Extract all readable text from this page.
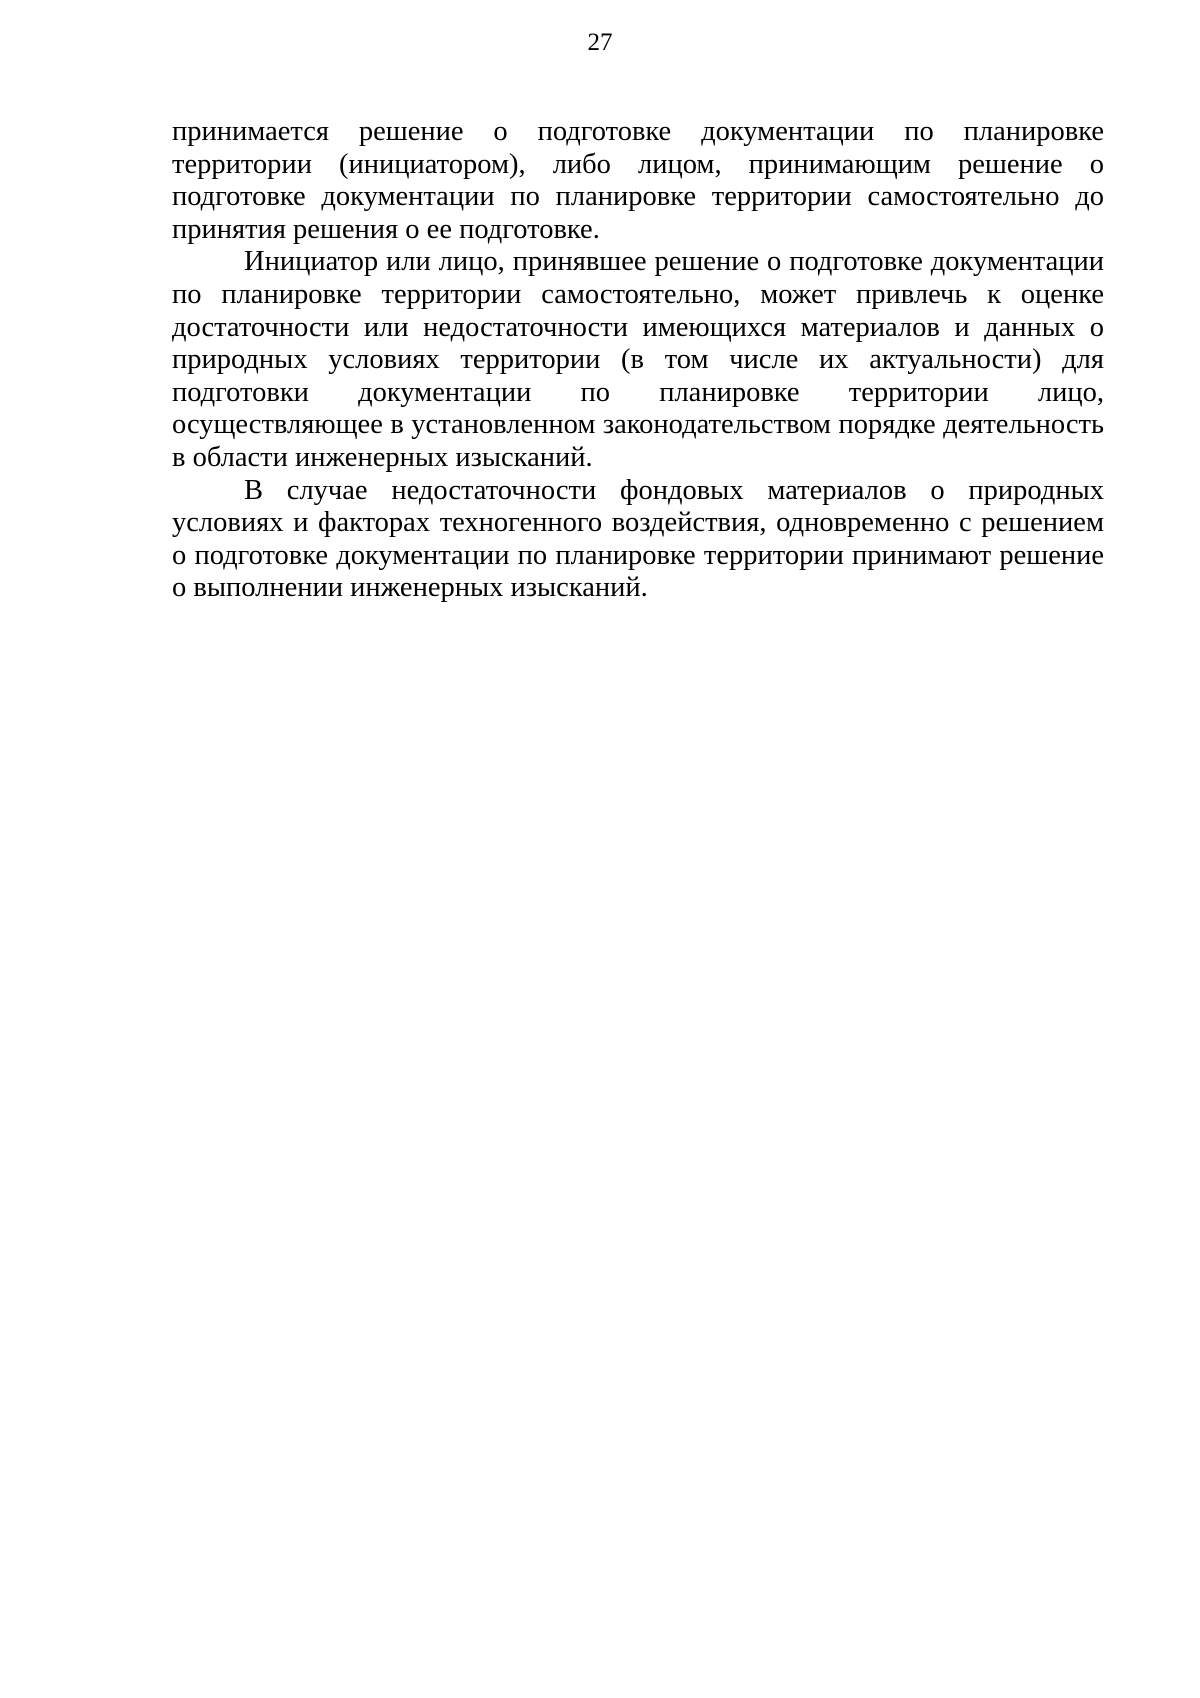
27

принимается решение о подготовке документации по планировке территории (инициатором), либо лицом, принимающим решение о подготовке документации по планировке территории самостоятельно до принятия решения о ее подготовке.

Инициатор или лицо, принявшее решение о подготовке документации по планировке территории самостоятельно, может привлечь к оценке достаточности или недостаточности имеющихся материалов и данных о природных условиях территории (в том числе их актуальности) для подготовки документации по планировке территории лицо, осуществляющее в установленном законодательством порядке деятельность в области инженерных изысканий.

В случае недостаточности фондовых материалов о природных условиях и факторах техногенного воздействия, одновременно с решением о подготовке документации по планировке территории принимают решение о выполнении инженерных изысканий.
